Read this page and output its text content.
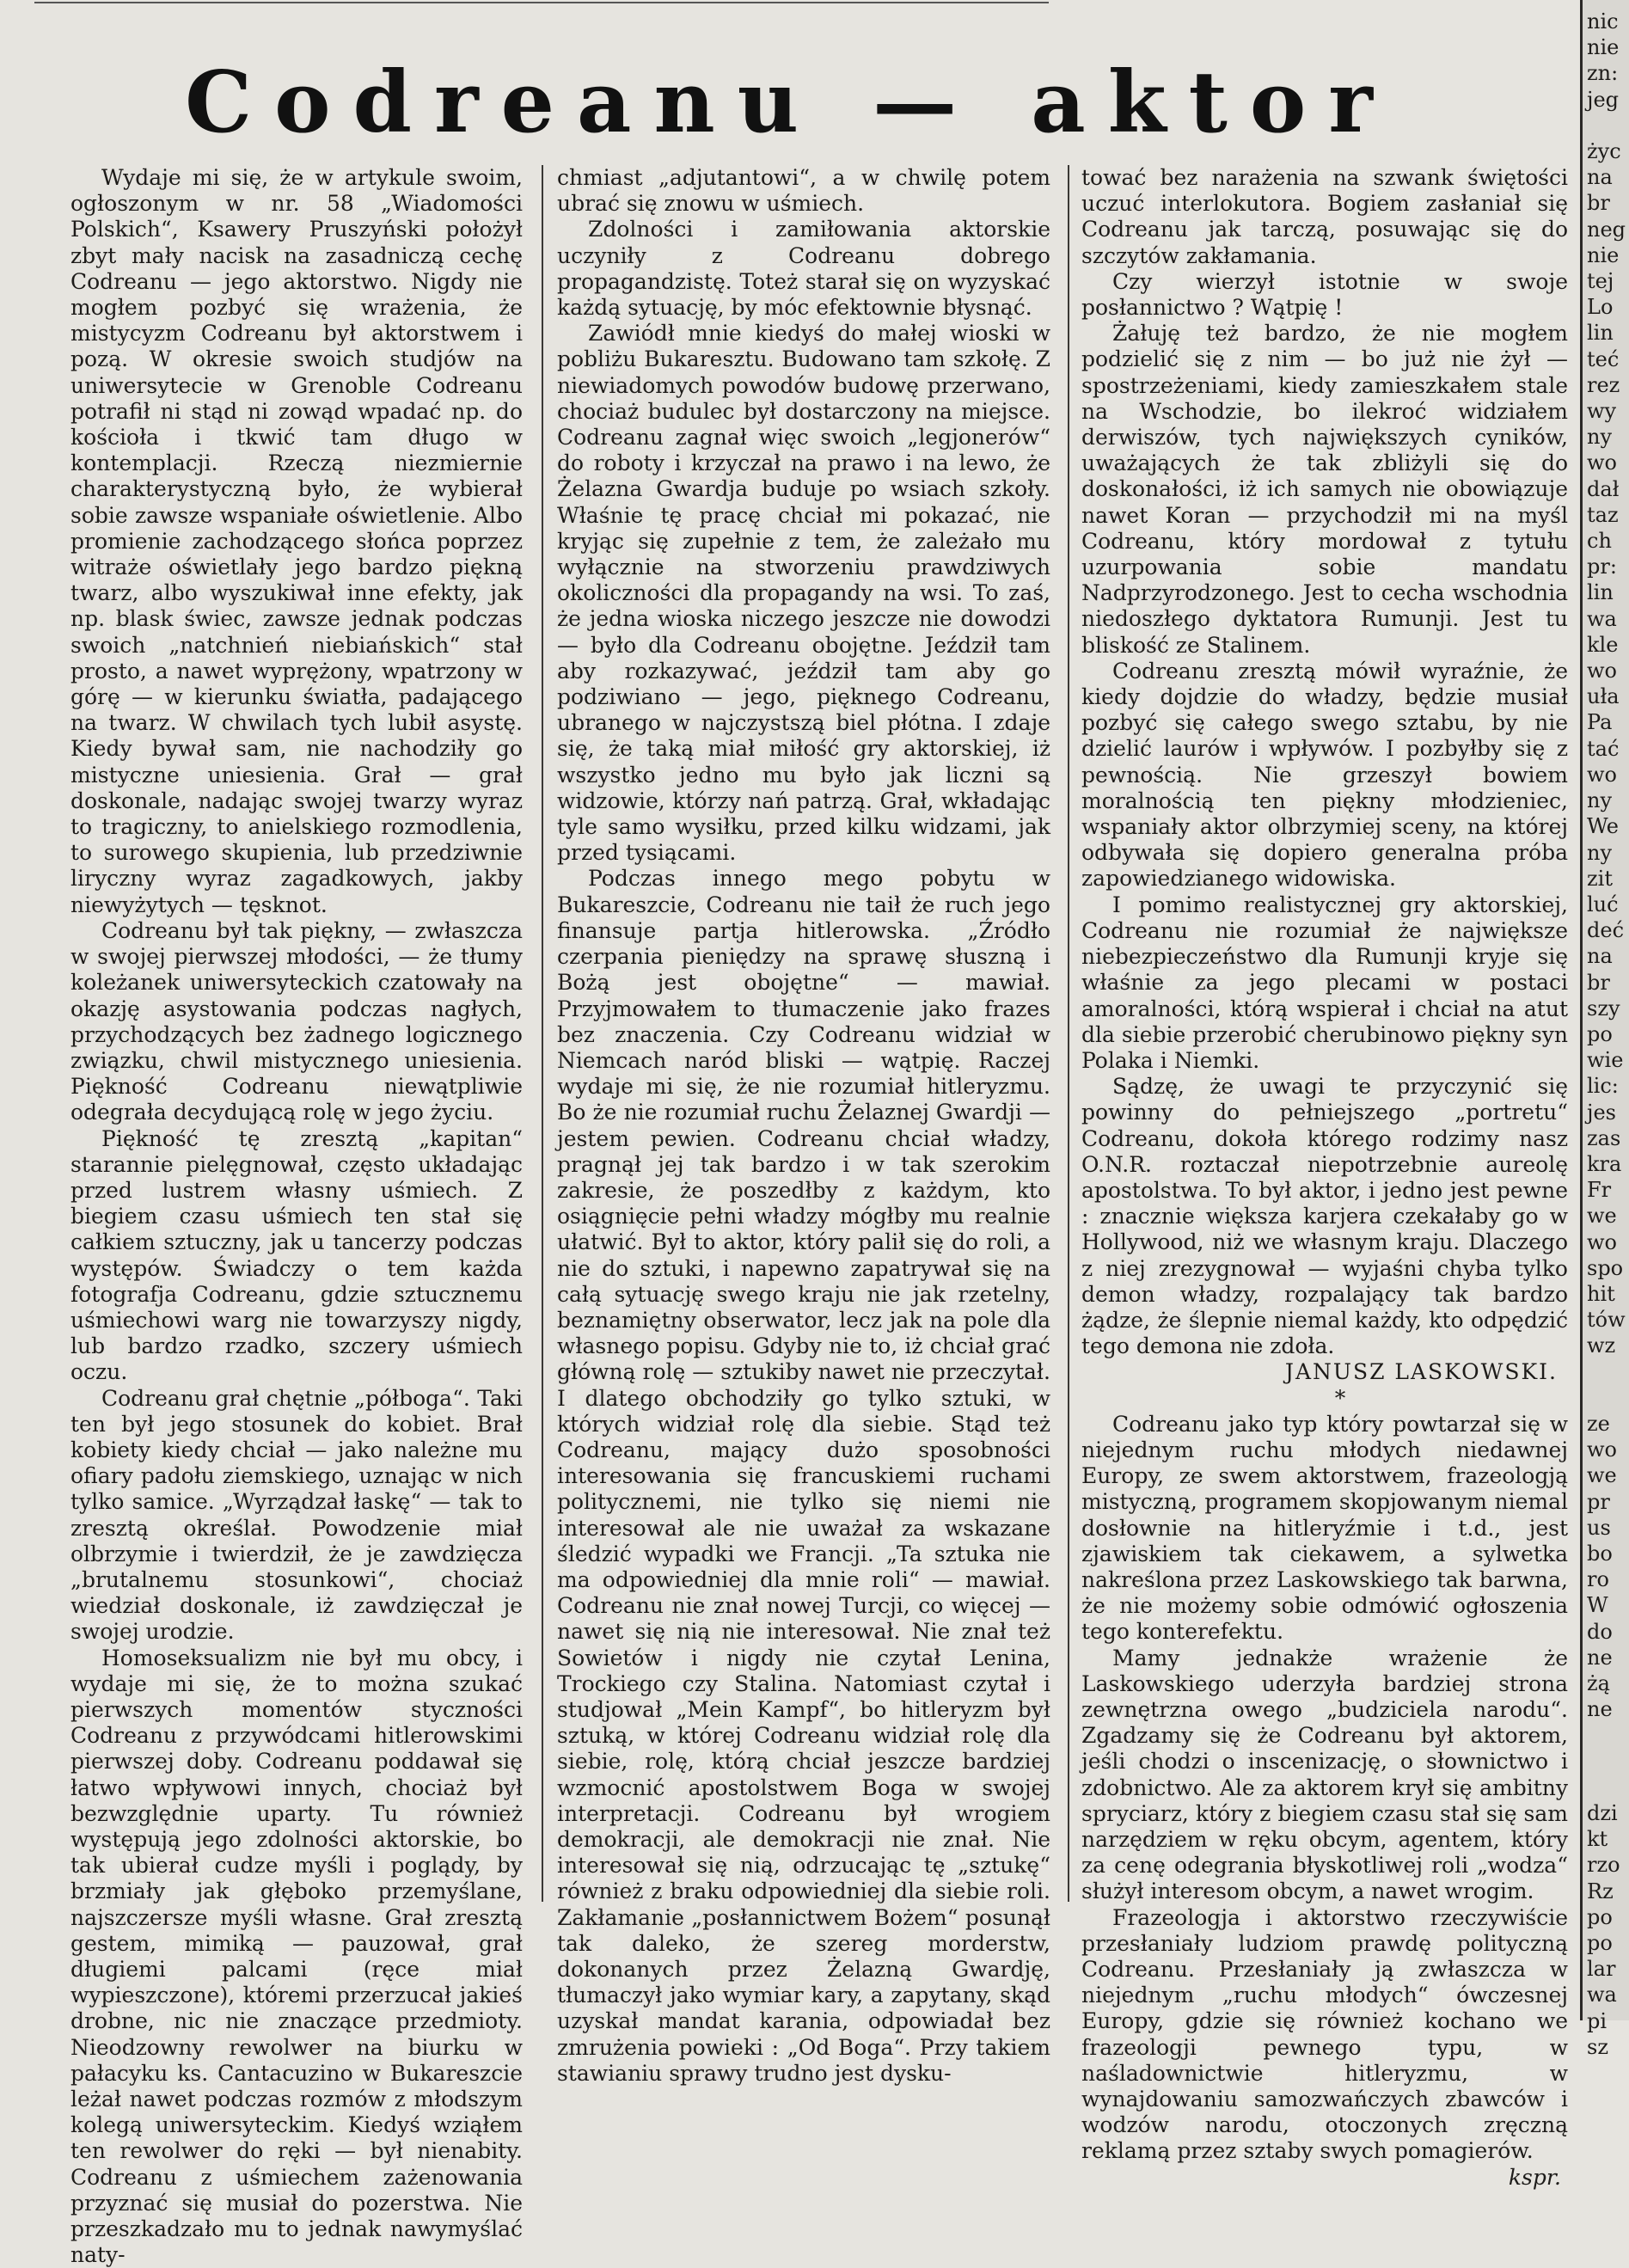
nic
nie
zn:
jeg

życ
na
br
neg
nie
tej
Lo
lin
teć
rez
wy
ny
wo
dał
taz
ch
pr:
lin
wa
kle
wo
uła
Pa
tać
wo
ny
We
ny
zit
luć
deć
na
br
szy
po
wie
lic:
jes
zas
kra
Fr
we
wo
spo
hit
tów
wz

ze
wo
we
pr
us
bo
ro
W
do
ne
żą
ne

dzi
kt
rzo
Rz
po
po
lar
wa
pi
sz
Codreanu — aktor

Wydaje mi się, że w artykule swoim, ogłoszonym w nr. 58 „Wiadomości Polskich“, Ksawery Pruszyński położył zbyt mały nacisk na zasadniczą cechę Codreanu — jego aktorstwo. Nigdy nie mogłem pozbyć się wrażenia, że mistycyzm Codreanu był aktorstwem i pozą. W okresie swoich studjów na uniwersytecie w Grenoble Codreanu potrafił ni stąd ni zowąd wpadać np. do kościoła i tkwić tam długo w kontemplacji. Rzeczą niezmiernie charakterystyczną było, że wybierał sobie zawsze wspaniałe oświetlenie. Albo promienie zachodzącego słońca poprzez witraże oświetlały jego bardzo piękną twarz, albo wyszukiwał inne efekty, jak np. blask świec, zawsze jednak podczas swoich „natchnień niebiańskich“ stał prosto, a nawet wyprężony, wpatrzony w górę — w kierunku światła, padającego na twarz. W chwilach tych lubił asystę. Kiedy bywał sam, nie nachodziły go mistyczne uniesienia. Grał — grał doskonale, nadając swojej twarzy wyraz to tragiczny, to anielskiego rozmodlenia, to surowego skupienia, lub przedziwnie liryczny wyraz zagadkowych, jakby niewyżytych — tęsknot.

Codreanu był tak piękny, — zwłaszcza w swojej pierwszej młodości, — że tłumy koleżanek uniwersyteckich czatowały na okazję asystowania podczas nagłych, przychodzących bez żadnego logicznego związku, chwil mistycznego uniesienia. Piękność Codreanu niewątpliwie odegrała decydującą rolę w jego życiu.

Piękność tę zresztą „kapitan“ starannie pielęgnował, często układając przed lustrem własny uśmiech. Z biegiem czasu uśmiech ten stał się całkiem sztuczny, jak u tancerzy podczas występów. Świadczy o tem każda fotografja Codreanu, gdzie sztucznemu uśmiechowi warg nie towarzyszy nigdy, lub bardzo rzadko, szczery uśmiech oczu.

Codreanu grał chętnie „półboga“. Taki ten był jego stosunek do kobiet. Brał kobiety kiedy chciał — jako należne mu ofiary padołu ziemskiego, uznając w nich tylko samice. „Wyrządzał łaskę“ — tak to zresztą określał. Powodzenie miał olbrzymie i twierdził, że je zawdzięcza „brutalnemu stosunkowi“, chociaż wiedział doskonale, iż zawdzięczał je swojej urodzie.

Homoseksualizm nie był mu obcy, i wydaje mi się, że to można szukać pierwszych momentów styczności Codreanu z przywódcami hitlerowskimi pierwszej doby. Codreanu poddawał się łatwo wpływowi innych, chociaż był bezwzględnie uparty. Tu również występują jego zdolności aktorskie, bo tak ubierał cudze myśli i poglądy, by brzmiały jak głęboko przemyślane, najszczersze myśli własne. Grał zresztą gestem, mimiką — pauzował, grał długiemi palcami (ręce miał wypieszczone), któremi przerzucał jakieś drobne, nic nie znaczące przedmioty. Nieodzowny rewolwer na biurku w pałacyku ks. Cantacuzino w Bukareszcie leżał nawet podczas rozmów z młodszym kolegą uniwersyteckim. Kiedyś wziąłem ten rewolwer do ręki — był nienabity. Codreanu z uśmiechem zażenowania przyznać się musiał do pozerstwa. Nie przeszkadzało mu to jednak nawymyślać naty-

chmiast „adjutantowi“, a w chwilę potem ubrać się znowu w uśmiech.

Zdolności i zamiłowania aktorskie uczyniły z Codreanu dobrego propagandzistę. Toteż starał się on wyzyskać każdą sytuację, by móc efektownie błysnąć.

Zawiódł mnie kiedyś do małej wioski w pobliżu Bukaresztu. Budowano tam szkołę. Z niewiadomych powodów budowę przerwano, chociaż budulec był dostarczony na miejsce. Codreanu zagnał więc swoich „legjonerów“ do roboty i krzyczał na prawo i na lewo, że Żelazna Gwardja buduje po wsiach szkoły. Właśnie tę pracę chciał mi pokazać, nie kryjąc się zupełnie z tem, że zależało mu wyłącznie na stworzeniu prawdziwych okoliczności dla propagandy na wsi. To zaś, że jedna wioska niczego jeszcze nie dowodzi — było dla Codreanu obojętne. Jeździł tam aby rozkazywać, jeździł tam aby go podziwiano — jego, pięknego Codreanu, ubranego w najczystszą biel płótna. I zdaje się, że taką miał miłość gry aktorskiej, iż wszystko jedno mu było jak liczni są widzowie, którzy nań patrzą. Grał, wkładając tyle samo wysiłku, przed kilku widzami, jak przed tysiącami.

Podczas innego mego pobytu w Bukareszcie, Codreanu nie taił że ruch jego finansuje partja hitlerowska. „Źródło czerpania pieniędzy na sprawę słuszną i Bożą jest obojętne“ — mawiał. Przyjmowałem to tłumaczenie jako frazes bez znaczenia. Czy Codreanu widział w Niemcach naród bliski — wątpię. Raczej wydaje mi się, że nie rozumiał hitleryzmu. Bo że nie rozumiał ruchu Żelaznej Gwardji — jestem pewien. Codreanu chciał władzy, pragnął jej tak bardzo i w tak szerokim zakresie, że poszedłby z każdym, kto osiągnięcie pełni władzy mógłby mu realnie ułatwić. Był to aktor, który palił się do roli, a nie do sztuki, i napewno zapatrywał się na całą sytuację swego kraju nie jak rzetelny, beznamiętny obserwator, lecz jak na pole dla własnego popisu. Gdyby nie to, iż chciał grać główną rolę — sztukiby nawet nie przeczytał. I dlatego obchodziły go tylko sztuki, w których widział rolę dla siebie. Stąd też Codreanu, mający dużo sposobności interesowania się francuskiemi ruchami politycznemi, nie tylko się niemi nie interesował ale nie uważał za wskazane śledzić wypadki we Francji. „Ta sztuka nie ma odpowiedniej dla mnie roli“ — mawiał. Codreanu nie znał nowej Turcji, co więcej — nawet się nią nie interesował. Nie znał też Sowietów i nigdy nie czytał Lenina, Trockiego czy Stalina. Natomiast czytał i studjował „Mein Kampf“, bo hitleryzm był sztuką, w której Codreanu widział rolę dla siebie, rolę, którą chciał jeszcze bardziej wzmocnić apostolstwem Boga w swojej interpretacji. Codreanu był wrogiem demokracji, ale demokracji nie znał. Nie interesował się nią, odrzucając tę „sztukę“ również z braku odpowiedniej dla siebie roli. Zakłamanie „posłannictwem Bożem“ posunął tak daleko, że szereg morderstw, dokonanych przez Żelazną Gwardję, tłumaczył jako wymiar kary, a zapytany, skąd uzyskał mandat karania, odpowiadał bez zmrużenia powieki : „Od Boga“. Przy takiem stawianiu sprawy trudno jest dysku-

tować bez narażenia na szwank świętości uczuć interlokutora. Bogiem zasłaniał się Codreanu jak tarczą, posuwając się do szczytów zakłamania.

Czy wierzył istotnie w swoje posłannictwo ? Wątpię !

Żałuję też bardzo, że nie mogłem podzielić się z nim — bo już nie żył — spostrzeżeniami, kiedy zamieszkałem stale na Wschodzie, bo ilekroć widziałem derwiszów, tych największych cyników, uważających że tak zbliżyli się do doskonałości, iż ich samych nie obowiązuje nawet Koran — przychodził mi na myśl Codreanu, który mordował z tytułu uzurpowania sobie mandatu Nadprzyrodzonego. Jest to cecha wschodnia niedoszłego dyktatora Rumunji. Jest tu bliskość ze Stalinem.

Codreanu zresztą mówił wyraźnie, że kiedy dojdzie do władzy, będzie musiał pozbyć się całego swego sztabu, by nie dzielić laurów i wpływów. I pozbyłby się z pewnością. Nie grzeszył bowiem moralnością ten piękny młodzieniec, wspaniały aktor olbrzymiej sceny, na której odbywała się dopiero generalna próba zapowiedzianego widowiska.

I pomimo realistycznej gry aktorskiej, Codreanu nie rozumiał że największe niebezpieczeństwo dla Rumunji kryje się właśnie za jego plecami w postaci amoralności, którą wspierał i chciał na atut dla siebie przerobić cherubinowo piękny syn Polaka i Niemki.

Sądzę, że uwagi te przyczynić się powinny do pełniejszego „portretu“ Codreanu, dokoła którego rodzimy nasz O.N.R. roztaczał niepotrzebnie aureolę apostolstwa. To był aktor, i jedno jest pewne : znacznie większa karjera czekałaby go w Hollywood, niż we własnym kraju. Dlaczego z niej zrezygnował — wyjaśni chyba tylko demon władzy, rozpalający tak bardzo żądze, że ślepnie niemal każdy, kto odpędzić tego demona nie zdoła.

JANUSZ LASKOWSKI.

*

Codreanu jako typ który powtarzał się w niejednym ruchu młodych niedawnej Europy, ze swem aktorstwem, frazeologją mistyczną, programem skopjowanym niemal dosłownie na hitleryźmie i t.d., jest zjawiskiem tak ciekawem, a sylwetka nakreślona przez Laskowskiego tak barwna, że nie możemy sobie odmówić ogłoszenia tego konterefektu.

Mamy jednakże wrażenie że Laskowskiego uderzyła bardziej strona zewnętrzna owego „budziciela narodu“. Zgadzamy się że Codreanu był aktorem, jeśli chodzi o inscenizację, o słownictwo i zdobnictwo. Ale za aktorem krył się ambitny spryciarz, który z biegiem czasu stał się sam narzędziem w ręku obcym, agentem, który za cenę odegrania błyskotliwej roli „wodza“ służył interesom obcym, a nawet wrogim.

Frazeologja i aktorstwo rzeczywiście przesłaniały ludziom prawdę polityczną Codreanu. Przesłaniały ją zwłaszcza w niejednym „ruchu młodych“ ówczesnej Europy, gdzie się również kochano we frazeologji pewnego typu, w naśladownictwie hitleryzmu, w wynajdowaniu samozwańczych zbawców i wodzów narodu, otoczonych zręczną reklamą przez sztaby swych pomagierów.

kspr.
